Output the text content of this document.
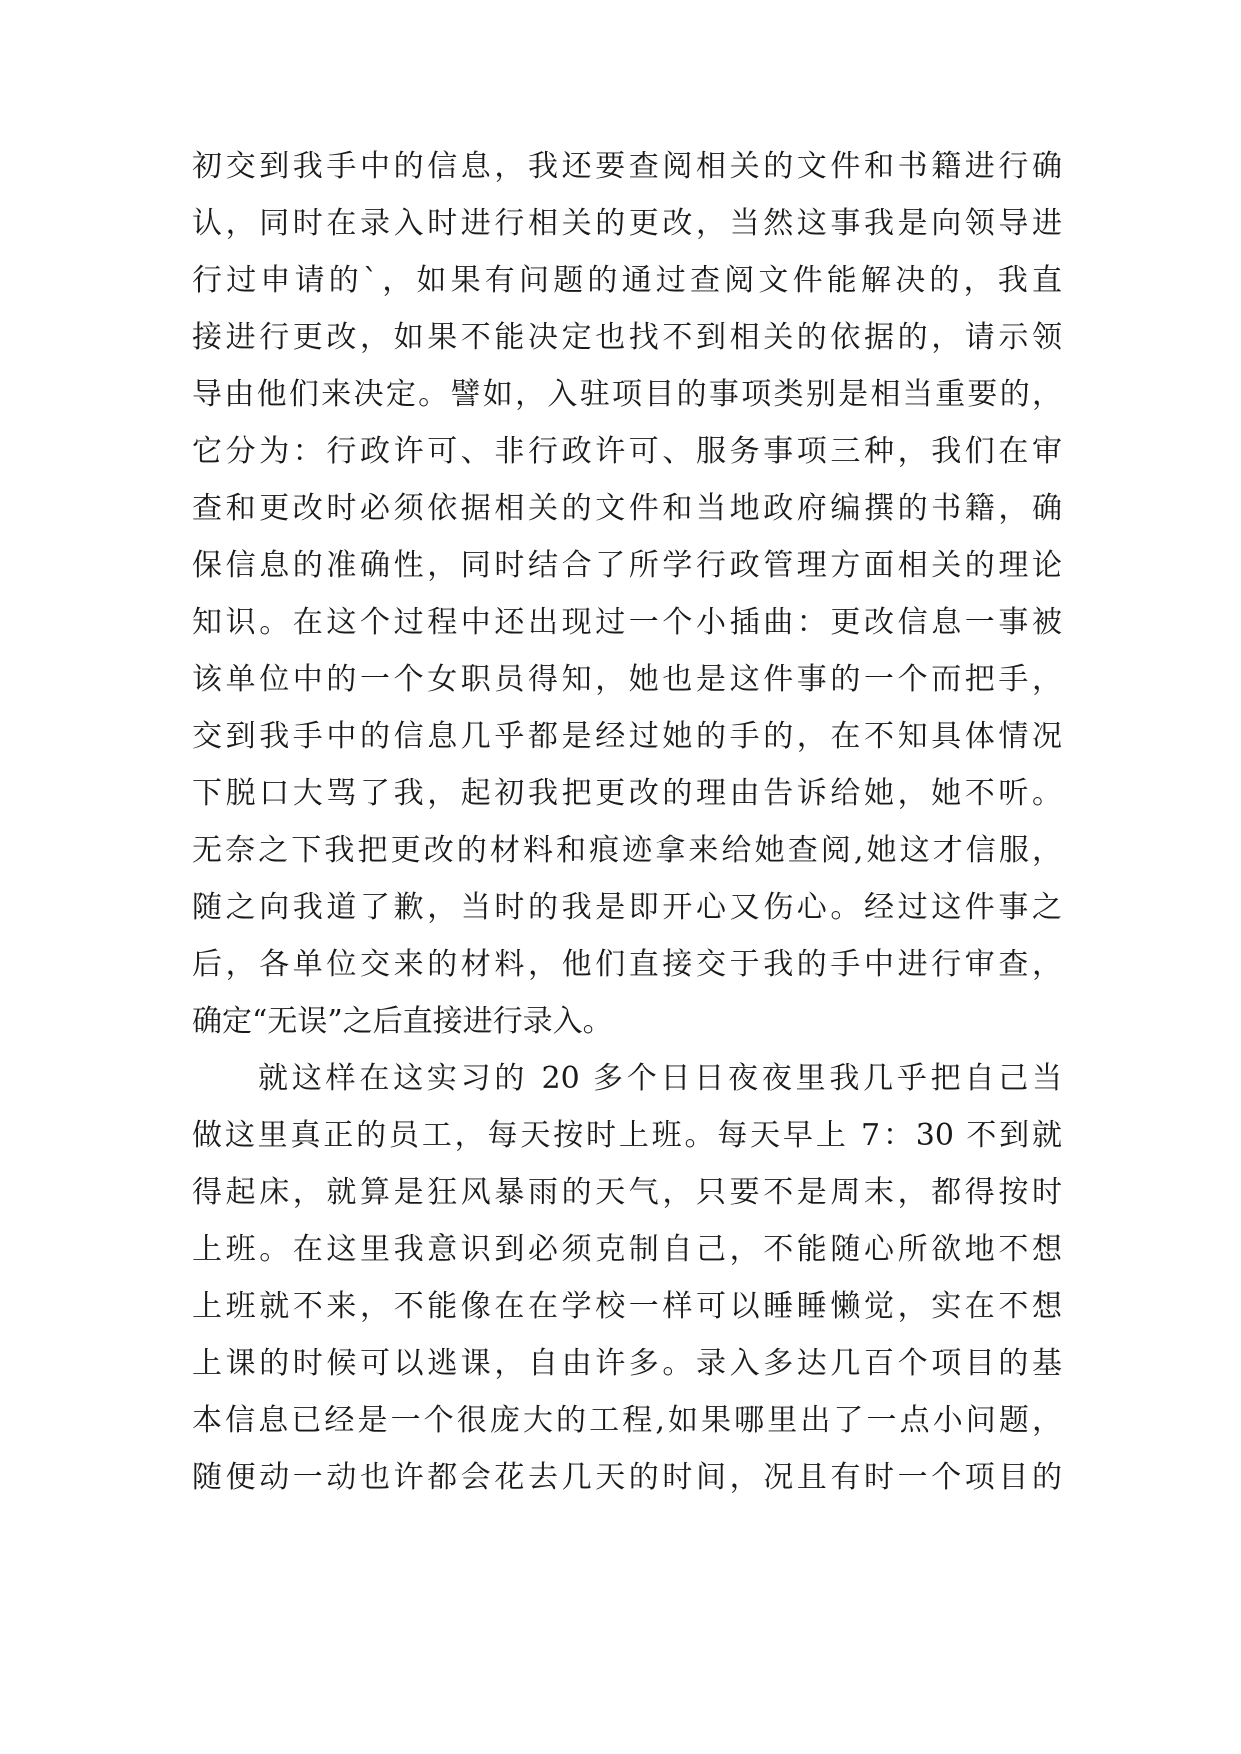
初交到我手中的信息，我还要查阅相关的文件和书籍进行确
认，同时在录入时进行相关的更改，当然这事我是向领导进
行过申请的`，如果有问题的通过查阅文件能解决的，我直
接进行更改，如果不能决定也找不到相关的依据的，请示领
导由他们来决定。譬如，入驻项目的事项类别是相当重要的，
它分为：行政许可、非行政许可、服务事项三种，我们在审
查和更改时必须依据相关的文件和当地政府编撰的书籍，确
保信息的准确性，同时结合了所学行政管理方面相关的理论
知识。在这个过程中还出现过一个小插曲：更改信息一事被
该单位中的一个女职员得知，她也是这件事的一个而把手，
交到我手中的信息几乎都是经过她的手的，在不知具体情况
下脱口大骂了我，起初我把更改的理由告诉给她，她不听。
无奈之下我把更改的材料和痕迹拿来给她查阅,她这才信服，
随之向我道了歉，当时的我是即开心又伤心。经过这件事之
后，各单位交来的材料，他们直接交于我的手中进行审查，
确定“无误”之后直接进行录入。
就这样在这实习的 20 多个日日夜夜里我几乎把自己当
做这里真正的员工，每天按时上班。每天早上 7：30 不到就
得起床，就算是狂风暴雨的天气，只要不是周末，都得按时
上班。在这里我意识到必须克制自己，不能随心所欲地不想
上班就不来，不能像在在学校一样可以睡睡懒觉，实在不想
上课的时候可以逃课，自由许多。录入多达几百个项目的基
本信息已经是一个很庞大的工程,如果哪里出了一点小问题，
随便动一动也许都会花去几天的时间，况且有时一个项目的
